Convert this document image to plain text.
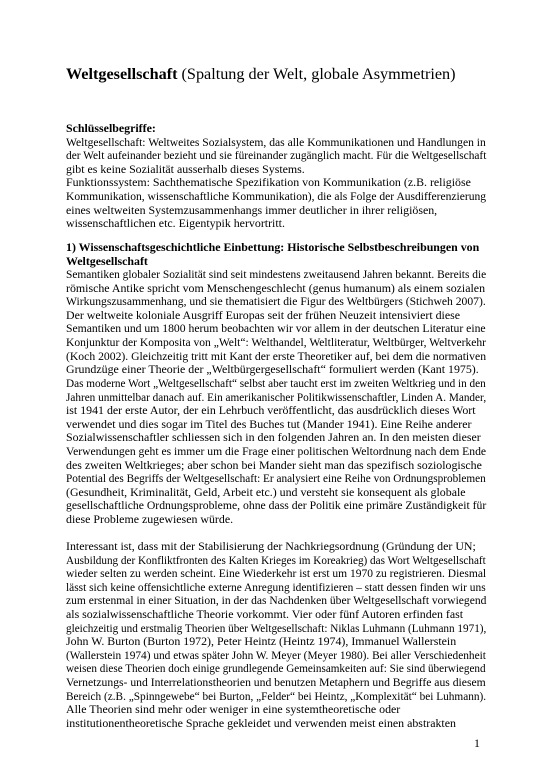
Weltgesellschaft (Spaltung der Welt, globale Asymmetrien)
Schlüsselbegriffe:
Weltgesellschaft: Weltweites Sozialsystem, das alle Kommunikationen und Handlungen in
der Welt aufeinander bezieht und sie füreinander zugänglich macht. Für die Weltgesellschaft
gibt es keine Sozialität ausserhalb dieses Systems.
Funktionssystem: Sachthematische Spezifikation von Kommunikation (z.B. religiöse
Kommunikation, wissenschaftliche Kommunikation), die als Folge der Ausdifferenzierung
eines weltweiten Systemzusammenhangs immer deutlicher in ihrer religiösen,
wissenschaftlichen etc. Eigentypik hervortritt.
1) Wissenschaftsgeschichtliche Einbettung: Historische Selbstbeschreibungen von
Weltgesellschaft
Semantiken globaler Sozialität sind seit mindestens zweitausend Jahren bekannt. Bereits die
römische Antike spricht vom Menschengeschlecht (genus humanum) als einem sozialen
Wirkungszusammenhang, und sie thematisiert die Figur des Weltbürgers (Stichweh 2007).
Der weltweite koloniale Ausgriff Europas seit der frühen Neuzeit intensiviert diese
Semantiken und um 1800 herum beobachten wir vor allem in der deutschen Literatur eine
Konjunktur der Komposita von „Welt“: Welthandel, Weltliteratur, Weltbürger, Weltverkehr
(Koch 2002). Gleichzeitig tritt mit Kant der erste Theoretiker auf, bei dem die normativen
Grundzüge einer Theorie der „Weltbürgergesellschaft“ formuliert werden (Kant 1975).
Das moderne Wort „Weltgesellschaft“ selbst aber taucht erst im zweiten Weltkrieg und in den
Jahren unmittelbar danach auf. Ein amerikanischer Politikwissenschaftler, Linden A. Mander,
ist 1941 der erste Autor, der ein Lehrbuch veröffentlicht, das ausdrücklich dieses Wort
verwendet und dies sogar im Titel des Buches tut (Mander 1941). Eine Reihe anderer
Sozialwissenschaftler schliessen sich in den folgenden Jahren an. In den meisten dieser
Verwendungen geht es immer um die Frage einer politischen Weltordnung nach dem Ende
des zweiten Weltkrieges; aber schon bei Mander sieht man das spezifisch soziologische
Potential des Begriffs der Weltgesellschaft: Er analysiert eine Reihe von Ordnungsproblemen
(Gesundheit, Kriminalität, Geld, Arbeit etc.) und versteht sie konsequent als globale
gesellschaftliche Ordnungsprobleme, ohne dass der Politik eine primäre Zuständigkeit für
diese Probleme zugewiesen würde.
Interessant ist, dass mit der Stabilisierung der Nachkriegsordnung (Gründung der UN;
Ausbildung der Konfliktfronten des Kalten Krieges im Koreakrieg) das Wort Weltgesellschaft
wieder selten zu werden scheint. Eine Wiederkehr ist erst um 1970 zu registrieren. Diesmal
lässt sich keine offensichtliche externe Anregung identifizieren – statt dessen finden wir uns
zum erstenmal in einer Situation, in der das Nachdenken über Weltgesellschaft vorwiegend
als sozialwissenschaftliche Theorie vorkommt. Vier oder fünf Autoren erfinden fast
gleichzeitig und erstmalig Theorien über Weltgesellschaft: Niklas Luhmann (Luhmann 1971),
John W. Burton (Burton 1972), Peter Heintz (Heintz 1974), Immanuel Wallerstein
(Wallerstein 1974) und etwas später John W. Meyer (Meyer 1980). Bei aller Verschiedenheit
weisen diese Theorien doch einige grundlegende Gemeinsamkeiten auf: Sie sind überwiegend
Vernetzungs- und Interrelationstheorien und benutzen Metaphern und Begriffe aus diesem
Bereich (z.B. „Spinngewebe“ bei Burton, „Felder“ bei Heintz, „Komplexität“ bei Luhmann).
Alle Theorien sind mehr oder weniger in eine systemtheoretische oder
institutionentheoretische Sprache gekleidet und verwenden meist einen abstrakten
1
